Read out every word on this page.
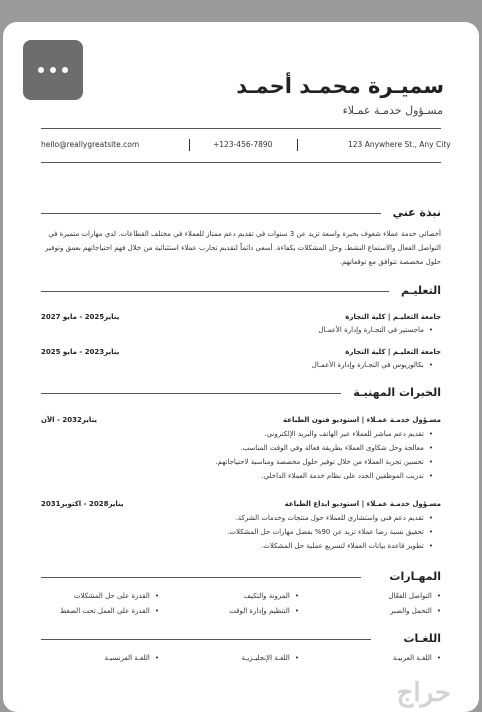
سميـرة محمـد أحمـد
مسـؤول خدمـة عمـلاء
hello@reallygreatsite.com	+123-456-7890	123 Anywhere St., Any City
نبذة عني
أخصائي خدمة عملاء شغوف بخبرة واسعة تزيد عن 3 سنوات في تقديم دعم ممتاز للعملاء في مختلف القطاعات. لدي مهارات متميزة في التواصل الفعال والاستماع النشط، وحل المشكلات بكفاءة. أسعى دائماً لتقديم تجارب عملاء استثنائية من خلال فهم احتياجاتهم بعمق وتوفير حلول مخصصة تتوافق مع توقعاتهم.
التعليـم
جامعة التعليـم | كلية التجارة
يناير2025 - مايو 2027
• ماجستير في التجـارة وإدارة الأعمـال
جامعة التعليـم | كلية التجارة
يناير2023 - مايو 2025
• بكالوريوس في التجـارة وإدارة الأعمـال
الخبرات المهنيـة
مسـؤول خدمـة عمـلاء | استوديو فنون الطباعة
يناير2032 - الآن
• تقديم دعم مباشر للعملاء عبر الهاتف والبريد الإلكتروني.
• معالجة وحل شكاوى العملاء بطريقة فعالة وفي الوقت المناسب.
• تحسين تجربة العملاء من خلال توفير حلول مخصصة ومناسبة لاحتياجاتهم.
• تدريب الموظفين الجدد على نظام خدمة العملاء الداخلي.
مسـؤول خدمـة عمـلاء | استوديو ابداع الطباعة
يناير2028 - اكتوبر2031
• تقديم دعم فني واستشاري للعملاء حول منتجات وخدمات الشركة.
• تحقيق نسبة رضا عملاء تزيد عن 90% بفضل مهارات حل المشكلات.
• تطوير قاعدة بيانات العملاء لتسريع عملية حل المشكلات.
المهـارات
• التواصل الفعّال
• التحمل والصبر
• المرونة والتكيف
• التنظيم وإدارة الوقت
• القدرة على حل المشكلات
• القدرة على العمل تحت الضغط
اللغـات
• اللغـة العربيـة
• اللغـة الإنجليـزيـة
• اللغـة الفرنسيـة
حراج
